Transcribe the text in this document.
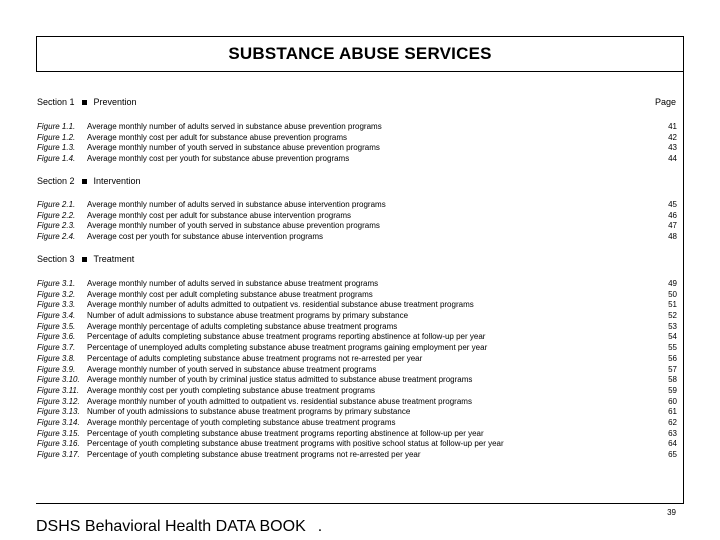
SUBSTANCE ABUSE SERVICES
Page
Section 1 Prevention
Figure 1.1.	Average monthly number of adults served in substance abuse prevention programs	41
Figure 1.2.	Average monthly cost per adult for substance abuse prevention programs	42
Figure 1.3.	Average monthly number of youth served in substance abuse prevention programs	43
Figure 1.4.	Average monthly cost per youth for substance abuse prevention programs	44
Section 2 Intervention
Figure 2.1.	Average monthly number of adults served in substance abuse intervention programs	45
Figure 2.2.	Average monthly cost per adult for substance abuse intervention programs	46
Figure 2.3.	Average monthly number of youth served in substance abuse prevention programs	47
Figure 2.4.	Average cost per youth for substance abuse intervention programs	48
Section 3 Treatment
Figure 3.1.	Average monthly number of adults served in substance abuse treatment programs	49
Figure 3.2.	Average monthly cost per adult completing substance abuse treatment programs	50
Figure 3.3.	Average monthly number of adults admitted to outpatient vs. residential substance abuse treatment programs	51
Figure 3.4.	Number of adult admissions to substance abuse treatment programs by primary substance	52
Figure 3.5.	Average monthly percentage of adults completing substance abuse treatment programs	53
Figure 3.6.	Percentage of adults completing substance abuse treatment programs reporting abstinence at follow-up per year	54
Figure 3.7.	Percentage of unemployed adults completing substance abuse treatment programs gaining employment per year	55
Figure 3.8.	Percentage of adults completing substance abuse treatment programs not re-arrested per year	56
Figure 3.9.	Average monthly number of youth served in substance abuse treatment programs	57
Figure 3.10. Average monthly number of youth by criminal justice status admitted to substance abuse treatment programs	58
Figure 3.11. Average monthly cost per youth completing substance abuse treatment programs	59
Figure 3.12. Average monthly number of youth admitted to outpatient vs. residential substance abuse treatment programs	60
Figure 3.13. Number of youth admissions to substance abuse treatment programs by primary substance	61
Figure 3.14. Average monthly percentage of youth completing substance abuse treatment programs	62
Figure 3.15. Percentage of youth completing substance abuse treatment programs reporting abstinence at follow-up per year	63
Figure 3.16. Percentage of youth completing substance abuse treatment programs with positive school status at follow-up per year	64
Figure 3.17. Percentage of youth completing substance abuse treatment programs not re-arrested per year	65
39
DSHS Behavioral Health DATA BOOK .
